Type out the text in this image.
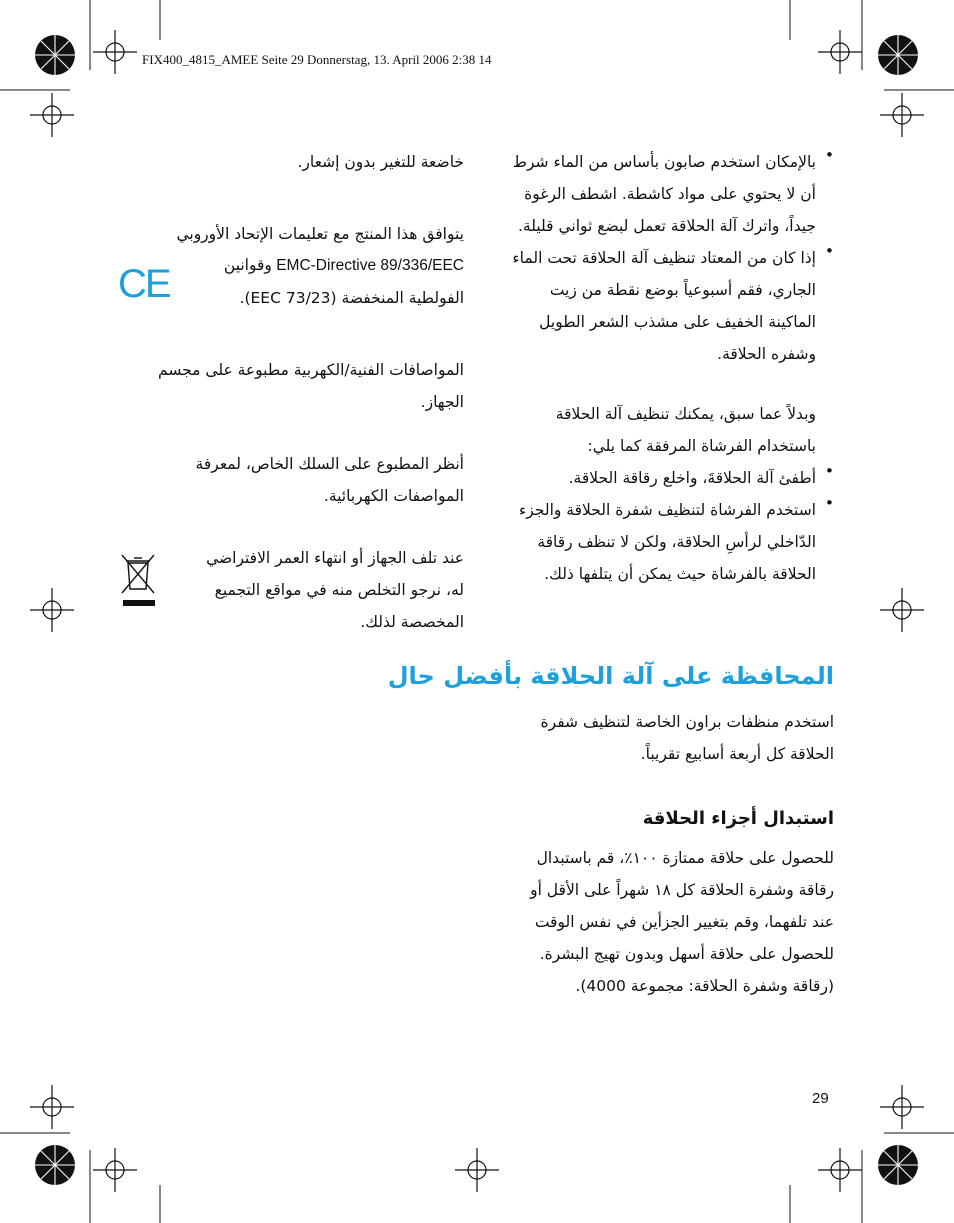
FIX400_4815_AMEE Seite 29 Donnerstag, 13. April 2006 2:38 14
• بالإمكان استخدم صابون بأساس من الماء شرط
أن لا يحتوي على مواد كاشطة. اشطف الرغوة
جيداً، واترك آلة الحلاقة تعمل لبضع ثواني قليلة.
• إذا كان من المعتاد تنظيف آلة الحلاقة تحت الماء
الجاري، فقم أسبوعياً بوضع نقطة من زيت
الماكينة الخفيف على مشذب الشعر الطويل
وشفره الحلاقة.
وبدلاً عما سبق، يمكنك تنظيف آلة الحلاقة
باستخدام الفرشاة المرفقة كما يلي:
• أطفئ آلة الحلاقةَ، واخلع رقاقة الحلاقة.
• استخدم الفرشاة لتنظيف شفرة الحلاقة والجزء
الدّاخلي لرأسِ الحلاقة، ولكن لا تنظف رقاقة
الحلاقة بالفرشاة حيث يمكن أن يتلفها ذلك.
خاضعة للتغير بدون إشعار.
يتوافق هذا المنتج مع تعليمات الإتحاد الأوروبي
EMC-Directive 89/336/EEC وقوانين
الفولطية المنخفضة (73/23 EEC).
المواصافات الفنية/الكهربية مطبوعة على مجسم
الجهاز.
أنظر المطبوع على السلك الخاص، لمعرفة
المواصفات الكهربائية.
عند تلف الجهاز أو انتهاء العمر الافتراضي
له، نرجو التخلص منه في مواقع التجميع
المخصصة لذلك.
CE
المحافظة على آلة الحلاقة بأفضل حال
استخدم منظفات براون الخاصة لتنظيف شفرة
الحلاقة كل أربعة أسابيع تقريباً.
استبدال أجزاء الحلاقة
للحصول على حلاقة ممتازة ١٠٠٪، قم باستبدال
رقاقة وشفرة الحلاقة كل ١٨ شهراً على الأقل أو
عند تلفهما، وقم بتغيير الجزأين في نفس الوقت
للحصول على حلاقة أسهل وبدون تهيج البشرة.
(رقاقة وشفرة الحلاقة: مجموعة 4000).
29
